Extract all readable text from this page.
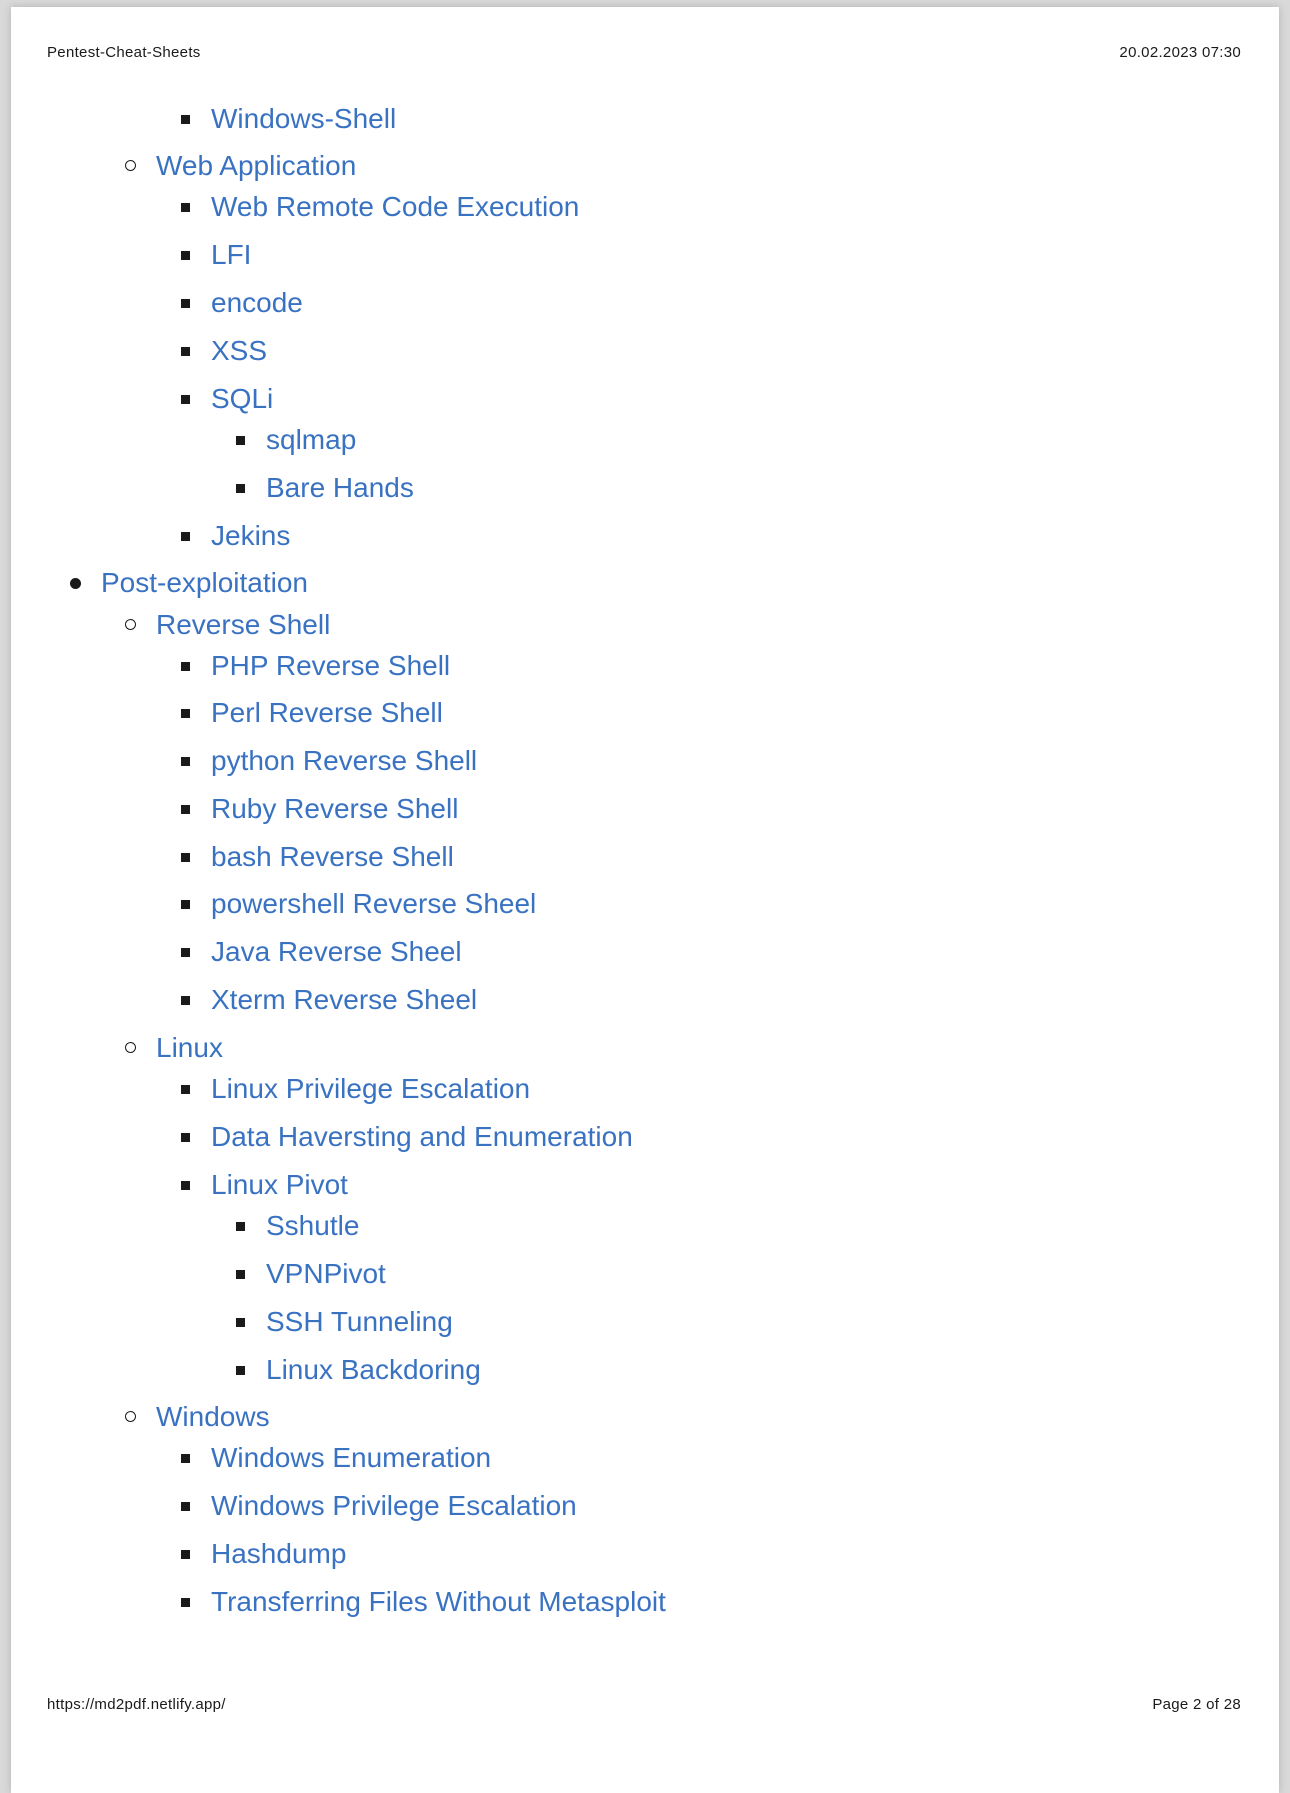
Pentest-Cheat-Sheets	20.02.2023 07:30
Windows-Shell
Web Application
Web Remote Code Execution
LFI
encode
XSS
SQLi
sqlmap
Bare Hands
Jekins
Post-exploitation
Reverse Shell
PHP Reverse Shell
Perl Reverse Shell
python Reverse Shell
Ruby Reverse Shell
bash Reverse Shell
powershell Reverse Sheel
Java Reverse Sheel
Xterm Reverse Sheel
Linux
Linux Privilege Escalation
Data Haversting and Enumeration
Linux Pivot
Sshutle
VPNPivot
SSH Tunneling
Linux Backdoring
Windows
Windows Enumeration
Windows Privilege Escalation
Hashdump
Transferring Files Without Metasploit
https://md2pdf.netlify.app/	Page 2 of 28
